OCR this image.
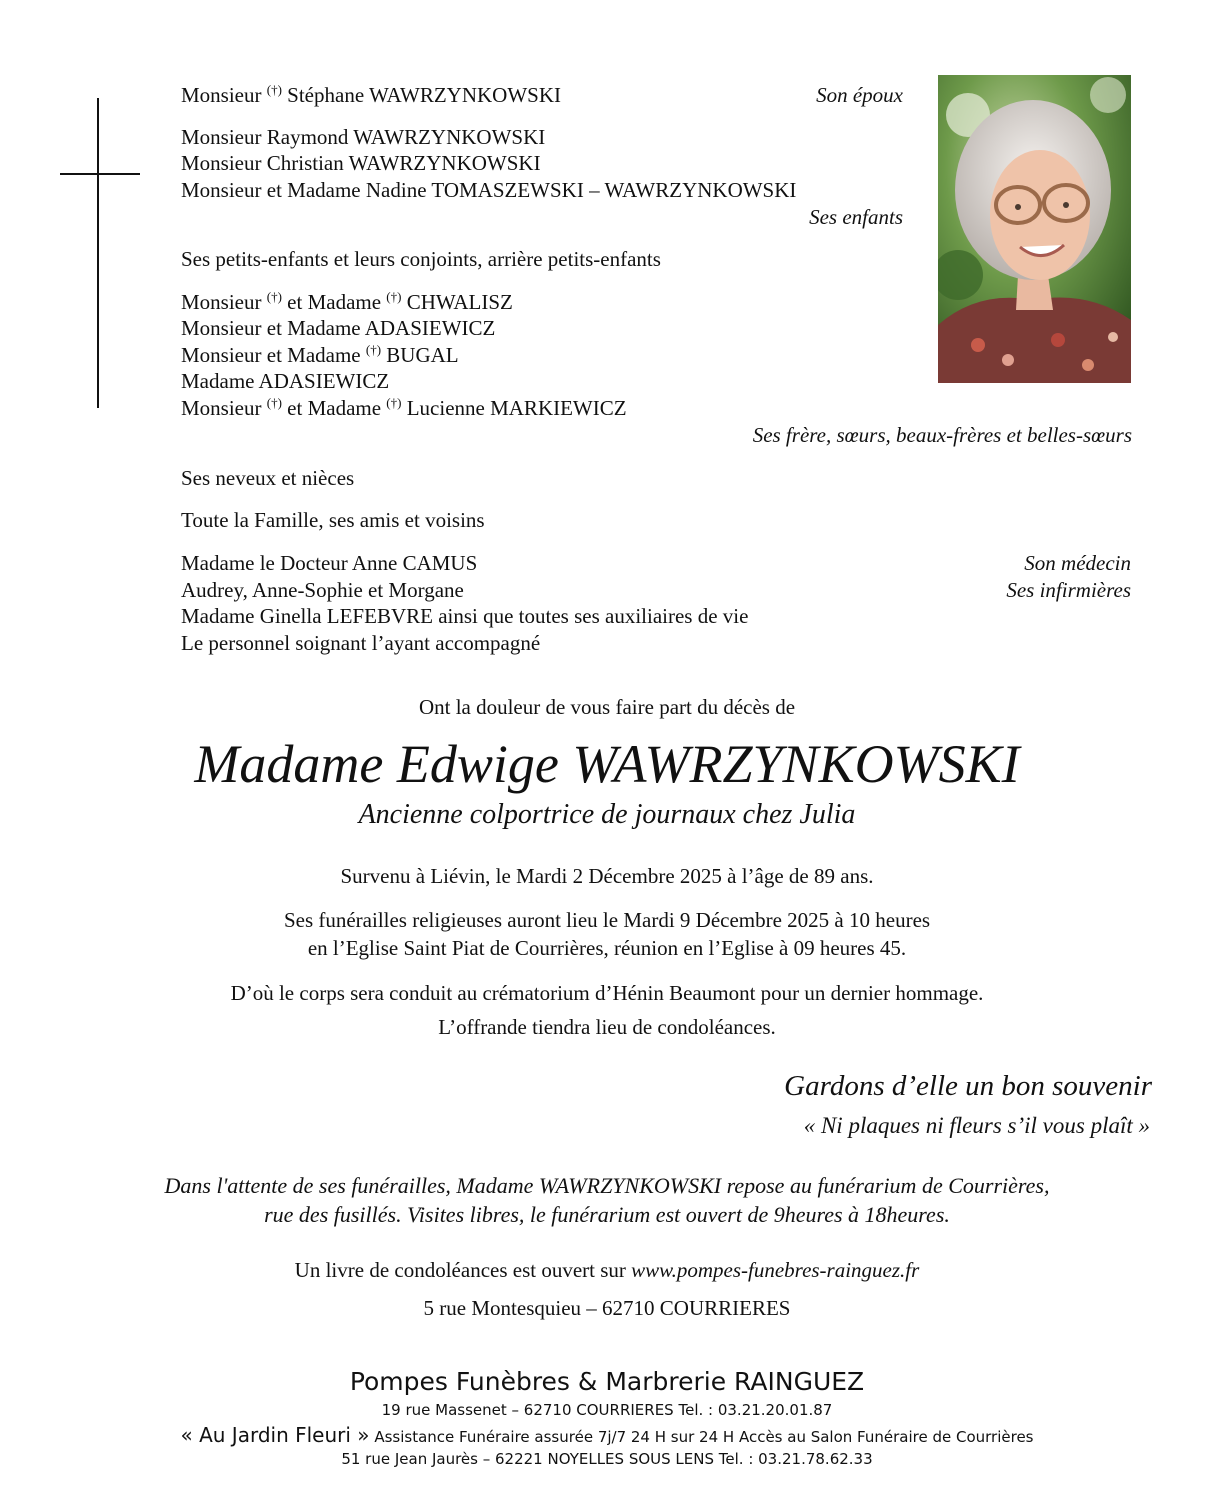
Monsieur (†) Stéphane WAWRZYNKOWSKI	Son époux
Monsieur Raymond WAWRZYNKOWSKI
Monsieur Christian WAWRZYNKOWSKI
Monsieur et Madame Nadine TOMASZEWSKI – WAWRZYNKOWSKI
Ses enfants
Ses petits-enfants et leurs conjoints, arrière petits-enfants
Monsieur (†) et Madame (†) CHWALISZ
Monsieur et Madame ADASIEWICZ
Monsieur et Madame (†) BUGAL
Madame ADASIEWICZ
Monsieur (†) et Madame (†) Lucienne MARKIEWICZ
Ses frère, sœurs, beaux-frères et belles-sœurs
Ses neveux et nièces
Toute la Famille, ses amis et voisins
Madame le Docteur Anne CAMUS	Son médecin
Audrey, Anne-Sophie et Morgane	Ses infirmières
Madame Ginella LEFEBVRE ainsi que toutes ses auxiliaires de vie
Le personnel soignant l’ayant accompagné
Ont la douleur de vous faire part du décès de
Madame Edwige WAWRZYNKOWSKI
Ancienne colportrice de journaux chez Julia
Survenu à Liévin, le Mardi 2 Décembre 2025 à l’âge de 89 ans.
Ses funérailles religieuses auront lieu le Mardi 9 Décembre 2025 à 10 heures
en l’Eglise Saint Piat de Courrières, réunion en l’Eglise à 09 heures 45.
D’où le corps sera conduit au crématorium d’Hénin Beaumont pour un dernier hommage.
L’offrande tiendra lieu de condoléances.
Gardons d’elle un bon souvenir
« Ni plaques ni fleurs s’il vous plaît »
Dans l'attente de ses funérailles, Madame WAWRZYNKOWSKI repose au funérarium de Courrières,
rue des fusillés. Visites libres, le funérarium est ouvert de 9heures à 18heures.
Un livre de condoléances est ouvert sur www.pompes-funebres-rainguez.fr
5 rue Montesquieu – 62710 COURRIERES
Pompes Funèbres & Marbrerie RAINGUEZ
19 rue Massenet – 62710 COURRIERES Tel. : 03.21.20.01.87
« Au Jardin Fleuri » Assistance Funéraire assurée 7j/7 24 H sur 24 H Accès au Salon Funéraire de Courrières
51 rue Jean Jaurès – 62221 NOYELLES SOUS LENS Tel. : 03.21.78.62.33
